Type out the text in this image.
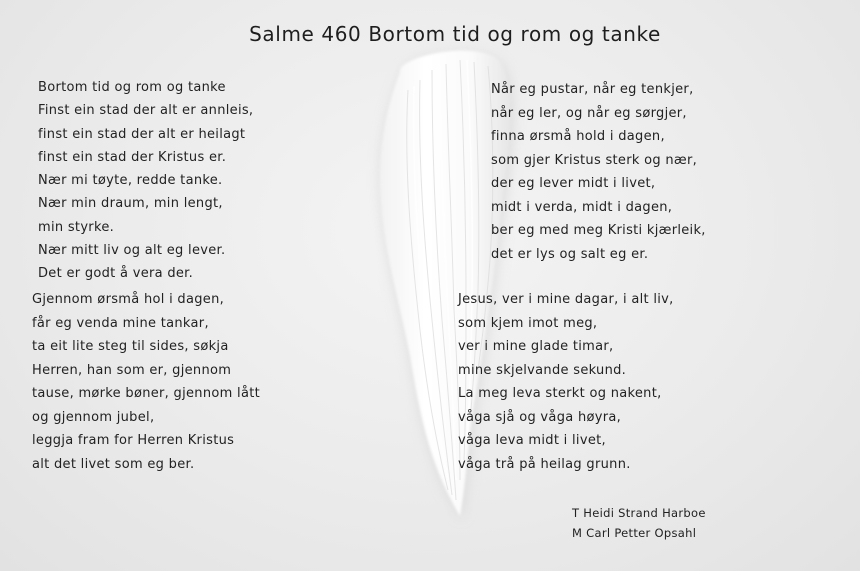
Salme 460 Bortom tid og rom og tanke
Bortom tid og rom og tanke
Finst ein stad der alt er annleis,
finst ein stad der alt er heilagt
finst ein stad der Kristus er.
Nær mi tøyte, redde tanke.
Nær min draum, min lengt,
min styrke.
Nær mitt liv og alt eg lever.
Det er godt å vera der.
Når eg pustar, når eg tenkjer,
når eg ler, og når eg sørgjer,
finna ørsmå hold i dagen,
som gjer Kristus sterk og nær,
der eg lever midt i livet,
midt i verda, midt i dagen,
ber eg med meg Kristi kjærleik,
det er lys og salt eg er.
Gjennom ørsmå hol i dagen,
får eg venda mine tankar,
ta eit lite steg til sides, søkja
Herren, han som er, gjennom
tause, mørke bøner, gjennom lått
og gjennom jubel,
leggja fram for Herren Kristus
alt det livet som eg ber.
Jesus, ver i mine dagar, i alt liv,
som kjem imot meg,
ver i mine glade timar,
mine skjelvande sekund.
La meg leva sterkt og nakent,
våga sjå og våga høyra,
våga leva midt i livet,
våga trå på heilag grunn.
T Heidi Strand Harboe
M Carl Petter Opsahl
